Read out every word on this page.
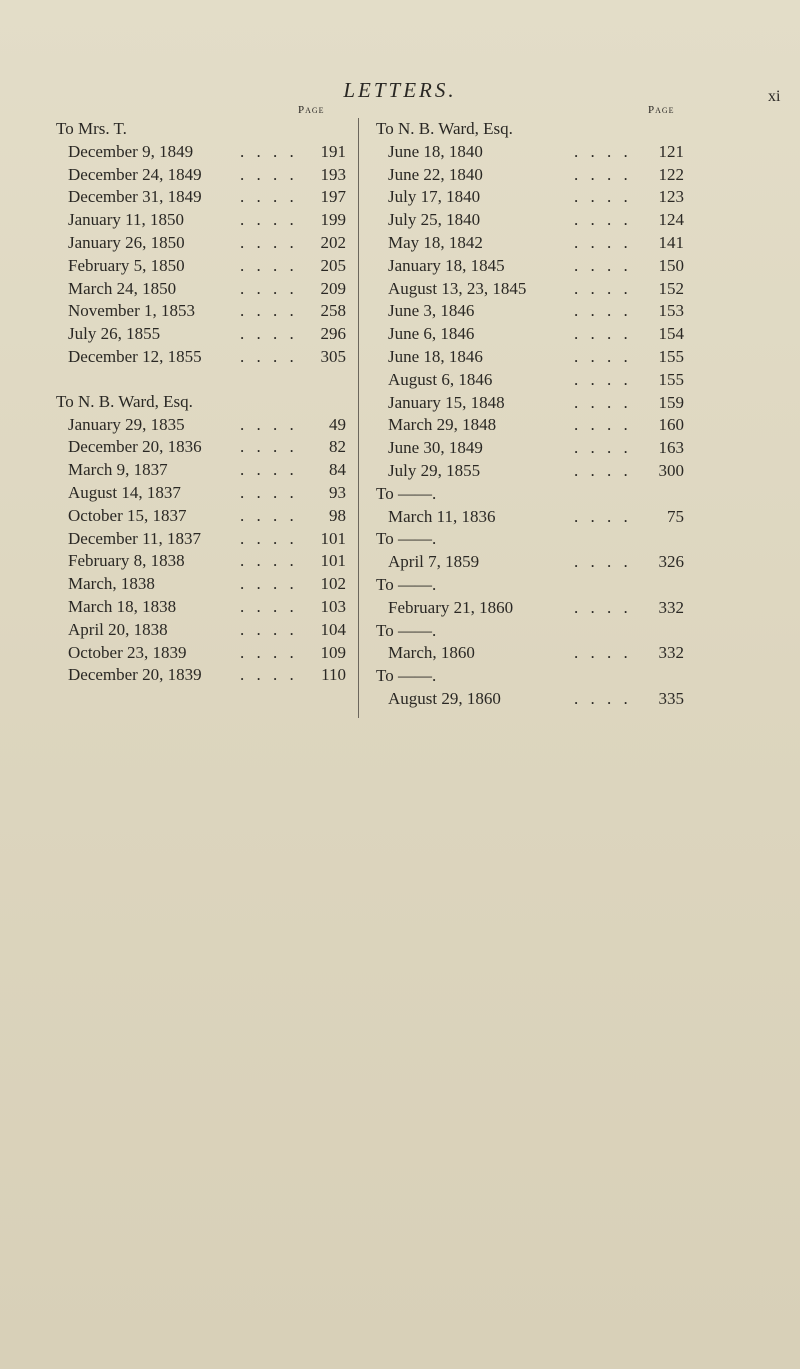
LETTERS.	xi
Page	Page
To Mrs. T.
December 9, 1849	. . . .	191
December 24, 1849 . . . .	193
December 31, 1849 . . . .	197
January 11, 1850	. . . .	199
January 26, 1850	. . . .	202
February 5, 1850	. . . .	205
March 24, 1850	. . . .	209
November 1, 1853	. . . .	258
July 26, 1855	. . . .	296
December 12, 1855 . . . .	305
To N. B. Ward, Esq.
January 29, 1835	. . . .	49
December 20, 1836 . . . .	82
March 9, 1837	. . . .	84
August 14, 1837	. . . .	93
October 15, 1837	. . . .	98
December 11, 1837 . . . .	101
February 8, 1838	. . . .	101
March, 1838	. . . .	102
March 18, 1838	. . . .	103
April 20, 1838	. . . .	104
October 23, 1839	. . . .	109
December 20, 1839 . . . .	110
To N. B. Ward, Esq.
June 18, 1840	. . . .	121
June 22, 1840	. . . .	122
July 17, 1840	. . . .	123
July 25, 1840	. . . .	124
May 18, 1842	. . . .	141
January 18, 1845	. . . .	150
August 13, 23, 1845	. . . .	152
June 3, 1846	. . . .	153
June 6, 1846	. . . .	154
June 18, 1846	. . . .	155
August 6, 1846	. . . .	155
January 15, 1848	. . . .	159
March 29, 1848	. . . .	160
June 30, 1849	. . . .	163
July 29, 1855	. . . .	300
To ——.
March 11, 1836	. . . .	75
To ——.
April 7, 1859	. . . .	326
To ——.
February 21, 1860	. . . .	332
To ——.
March, 1860	. . . .	332
To ——.
August 29, 1860	. . . .	335
